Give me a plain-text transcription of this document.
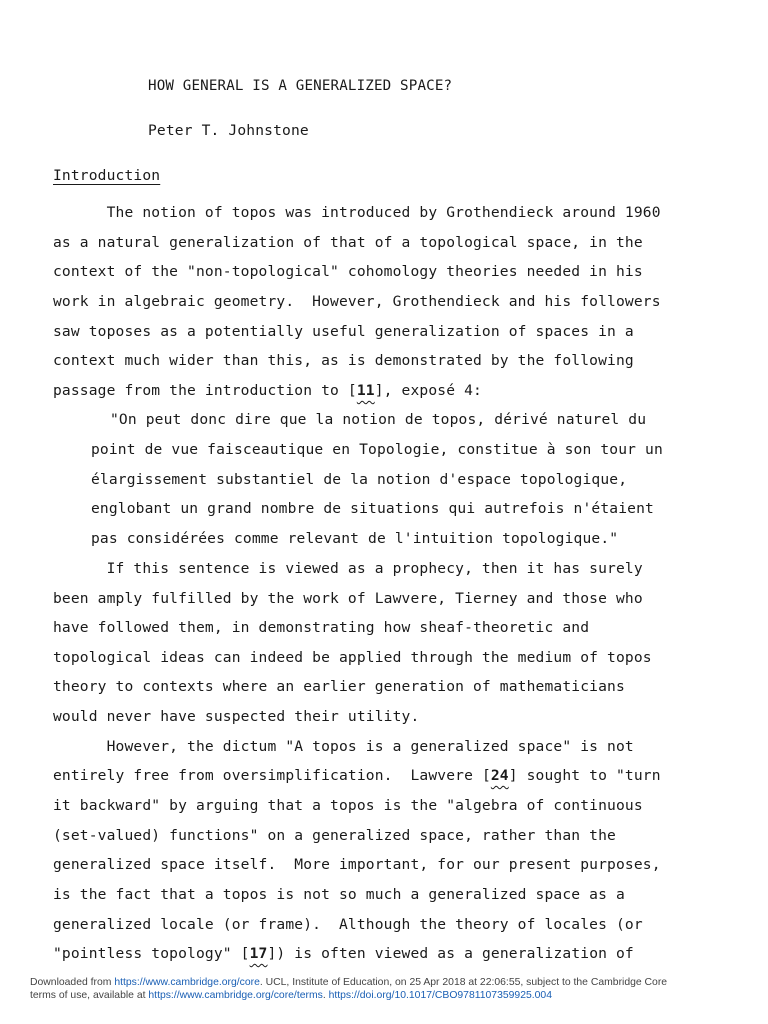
HOW GENERAL IS A GENERALIZED SPACE?
Peter T. Johnstone
Introduction
The notion of topos was introduced by Grothendieck around 1960
as a natural generalization of that of a topological space, in the
context of the "non-topological" cohomology theories needed in his
work in algebraic geometry.  However, Grothendieck and his followers
saw toposes as a potentially useful generalization of spaces in a
context much wider than this, as is demonstrated by the following
passage from the introduction to [11], exposé 4:
"On peut donc dire que la notion de topos, dérivé naturel du
point de vue faisceautique en Topologie, constitue à son tour un
élargissement substantiel de la notion d'espace topologique,
englobant un grand nombre de situations qui autrefois n'étaient
pas considérées comme relevant de l'intuition topologique."
If this sentence is viewed as a prophecy, then it has surely
been amply fulfilled by the work of Lawvere, Tierney and those who
have followed them, in demonstrating how sheaf-theoretic and
topological ideas can indeed be applied through the medium of topos
theory to contexts where an earlier generation of mathematicians
would never have suspected their utility.
However, the dictum "A topos is a generalized space" is not
entirely free from oversimplification.  Lawvere [24] sought to "turn
it backward" by arguing that a topos is the "algebra of continuous
(set-valued) functions" on a generalized space, rather than the
generalized space itself.  More important, for our present purposes,
is the fact that a topos is not so much a generalized space as a
generalized locale (or frame).  Although the theory of locales (or
"pointless topology" [17]) is often viewed as a generalization of
Downloaded from https://www.cambridge.org/core. UCL, Institute of Education, on 25 Apr 2018 at 22:06:55, subject to the Cambridge Core
terms of use, available at https://www.cambridge.org/core/terms. https://doi.org/10.1017/CBO9781107359925.004
